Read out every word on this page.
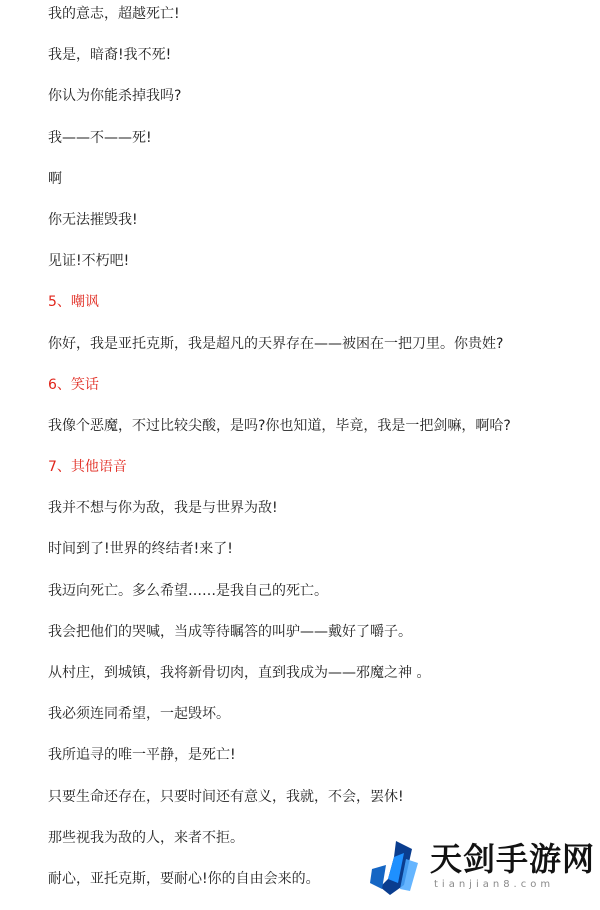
我的意志，超越死亡!
我是，暗裔!我不死!
你认为你能杀掉我吗?
我——不——死!
啊
你无法摧毁我!
见证!不朽吧!
5、嘲讽
你好，我是亚托克斯，我是超凡的天界存在——被困在一把刀里。你贵姓?
6、笑话
我像个恶魔，不过比较尖酸，是吗?你也知道，毕竟，我是一把剑嘛，啊哈?
7、其他语音
我并不想与你为敌，我是与世界为敌!
时间到了!世界的终结者!来了!
我迈向死亡。多么希望……是我自己的死亡。
我会把他们的哭喊，当成等待瞩答的叫驴——戴好了嚼子。
从村庄，到城镇，我将新骨切肉，直到我成为——邪魔之神 。
我必须连同希望，一起毁坏。
我所追寻的唯一平静，是死亡!
只要生命还存在，只要时间还有意义，我就，不会，罢休!
那些视我为敌的人，来者不拒。
耐心，亚托克斯，要耐心!你的自由会来的。
天剑手游网
tianjian8.com
